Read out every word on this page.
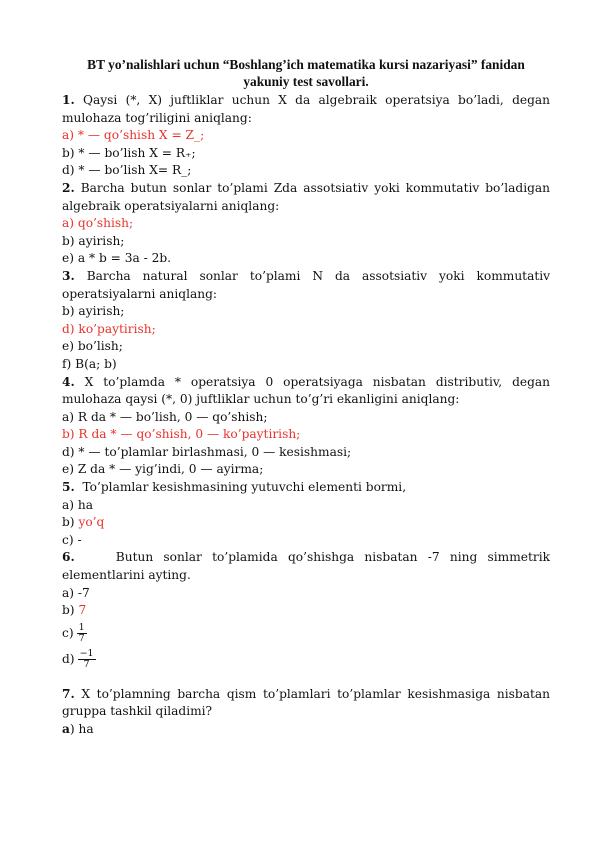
BT yo’nalishlari uchun “Boshlang’ich matematika kursi nazariyasi” fanidan
yakuniy test savollari.
1. Qaysi (*, X) juftliklar uchun X da algebraik operatsiya bo’ladi, degan mulohaza tog’riligini aniqlang:
a) * — qo’shish X = Z_;
b) * — bo’lish X = R₊;
d) * — bo’lish X= R_;
2. Barcha butun sonlar to’plami Zda assotsiativ yoki kommutativ bo’ladigan algebraik operatsiyalarni aniqlang:
a) qo’shish;
b) ayirish;
e) a * b = 3a - 2b.
3. Barcha natural sonlar to’plami N da assotsiativ yoki kommutativ
operatsiyalarni aniqlang:
b) ayirish;
d) ko’paytirish;
e) bo’lish;
f) B(a; b)
4. X to’plamda * operatsiya 0 operatsiyaga nisbatan distributiv, degan mulohaza qaysi (*, 0) juftliklar uchun to’g’ri ekanligini aniqlang:
a) R da * — bo’lish, 0 — qo’shish;
b) R da * — qo’shish, 0 — ko’paytirish;
d) * — to’plamlar birlashmasi, 0 — kesishmasi;
e) Z da * — yig’indi, 0 — ayirma;
5. To’plamlar kesishmasining yutuvchi elementi bormi,
a) ha
b) yo’q
c) -
6.	Butun sonlar to’plamida qo’shishga nisbatan -7 ning simmetrik
elementlarini ayting.
a) -7
b) 7
$c) \frac{1}{7}$
$d) \frac{-1}{7}$
7. X to’plamning barcha qism to’plamlari to’plamlar kesishmasiga nisbatan gruppa tashkil qiladimi?
a) ha
